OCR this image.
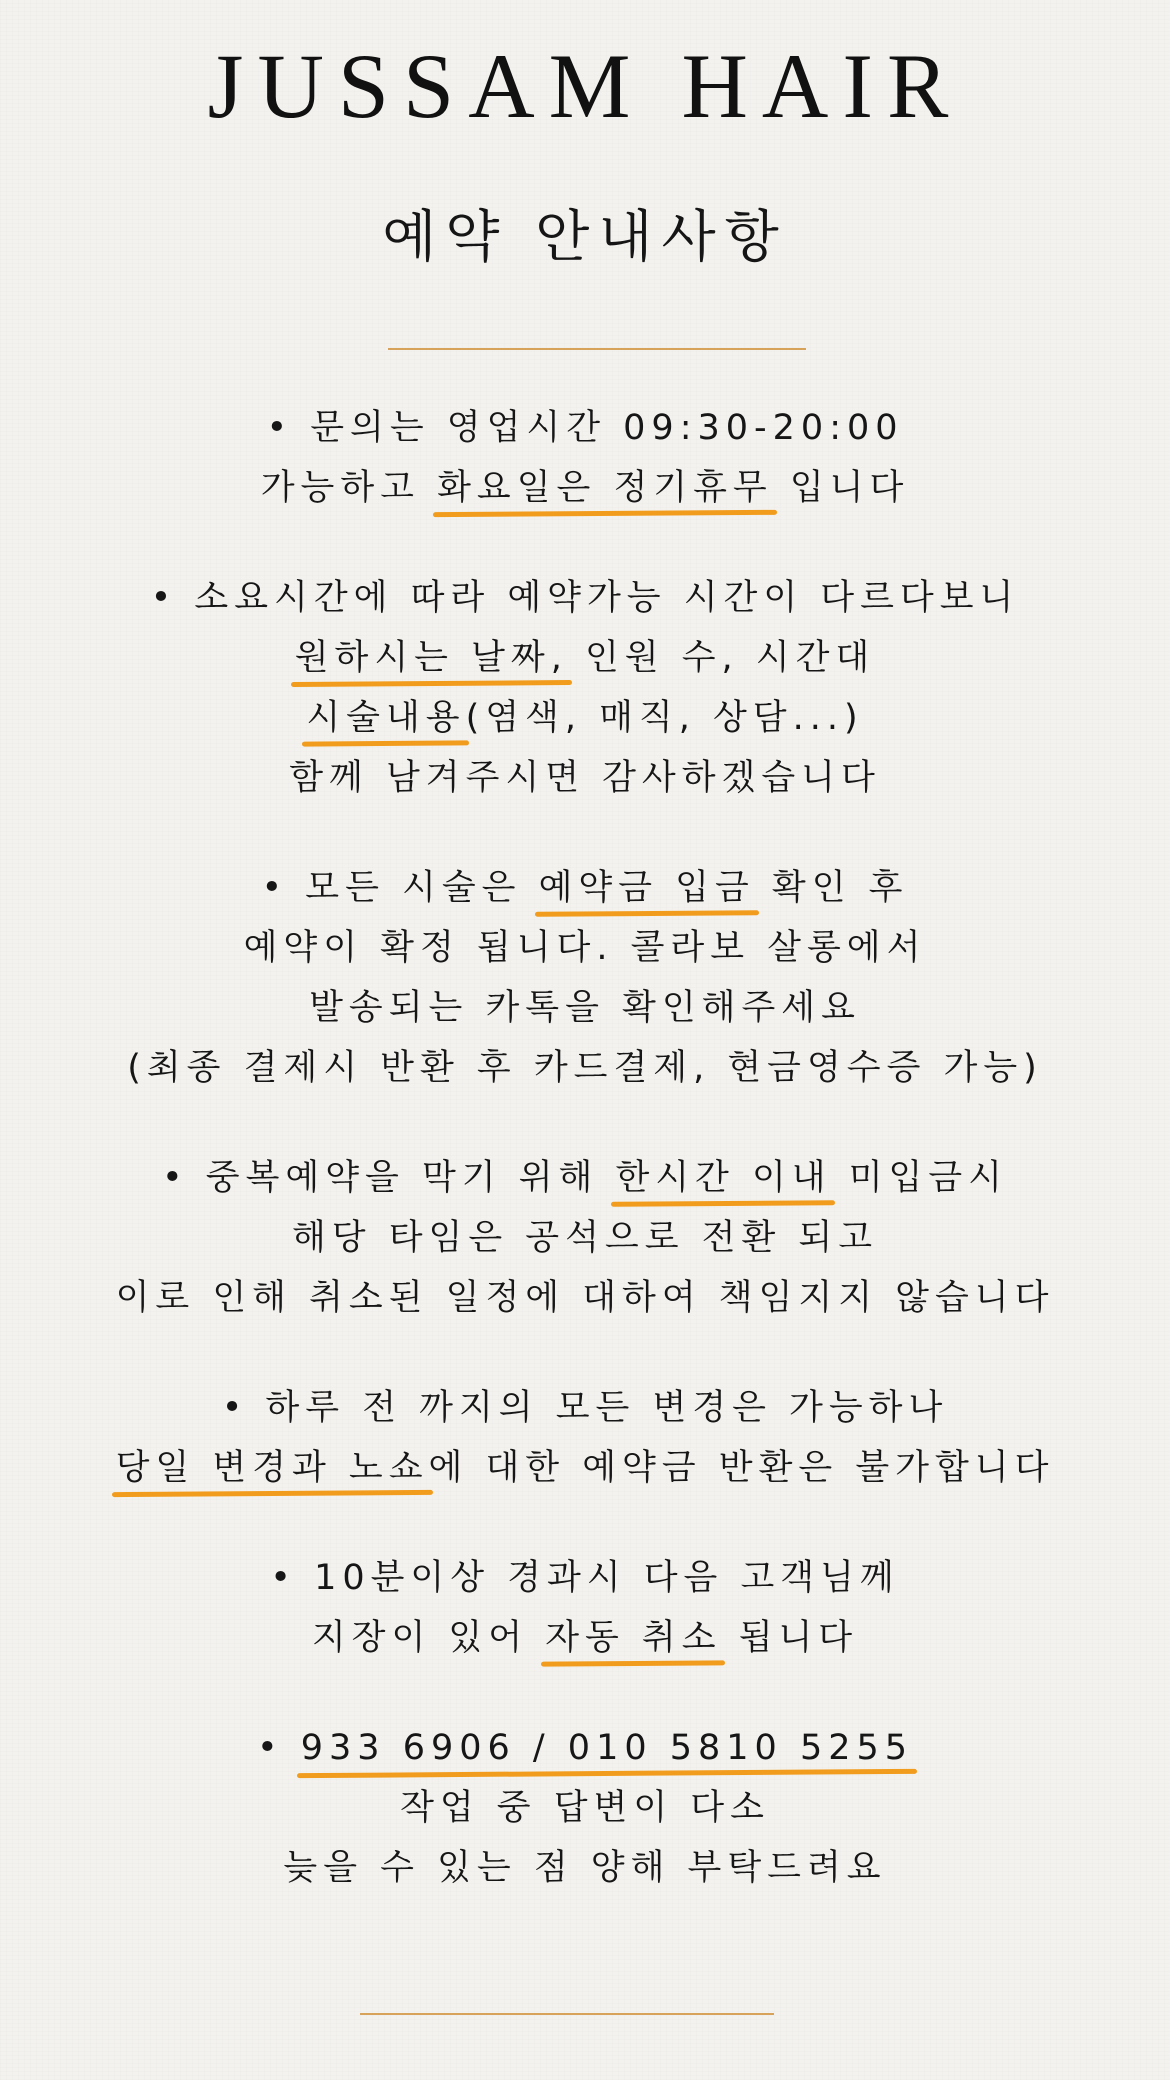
JUSSAM HAIR
예약 안내사항
• 문의는 영업시간 09:30-20:00
가능하고 화요일은 정기휴무 입니다
• 소요시간에 따라 예약가능 시간이 다르다보니
원하시는 날짜, 인원 수, 시간대
시술내용(염색, 매직, 상담...)
함께 남겨주시면 감사하겠습니다
• 모든 시술은 예약금 입금 확인 후
예약이 확정 됩니다. 콜라보 살롱에서
발송되는 카톡을 확인해주세요
(최종 결제시 반환 후 카드결제, 현금영수증 가능)
• 중복예약을 막기 위해 한시간 이내 미입금시
해당 타임은 공석으로 전환 되고
이로 인해 취소된 일정에 대하여 책임지지 않습니다
• 하루 전 까지의 모든 변경은 가능하나
당일 변경과 노쇼에 대한 예약금 반환은 불가합니다
• 10분이상 경과시 다음 고객님께
지장이 있어 자동 취소 됩니다
• 933 6906 / 010 5810 5255
작업 중 답변이 다소
늦을 수 있는 점 양해 부탁드려요
